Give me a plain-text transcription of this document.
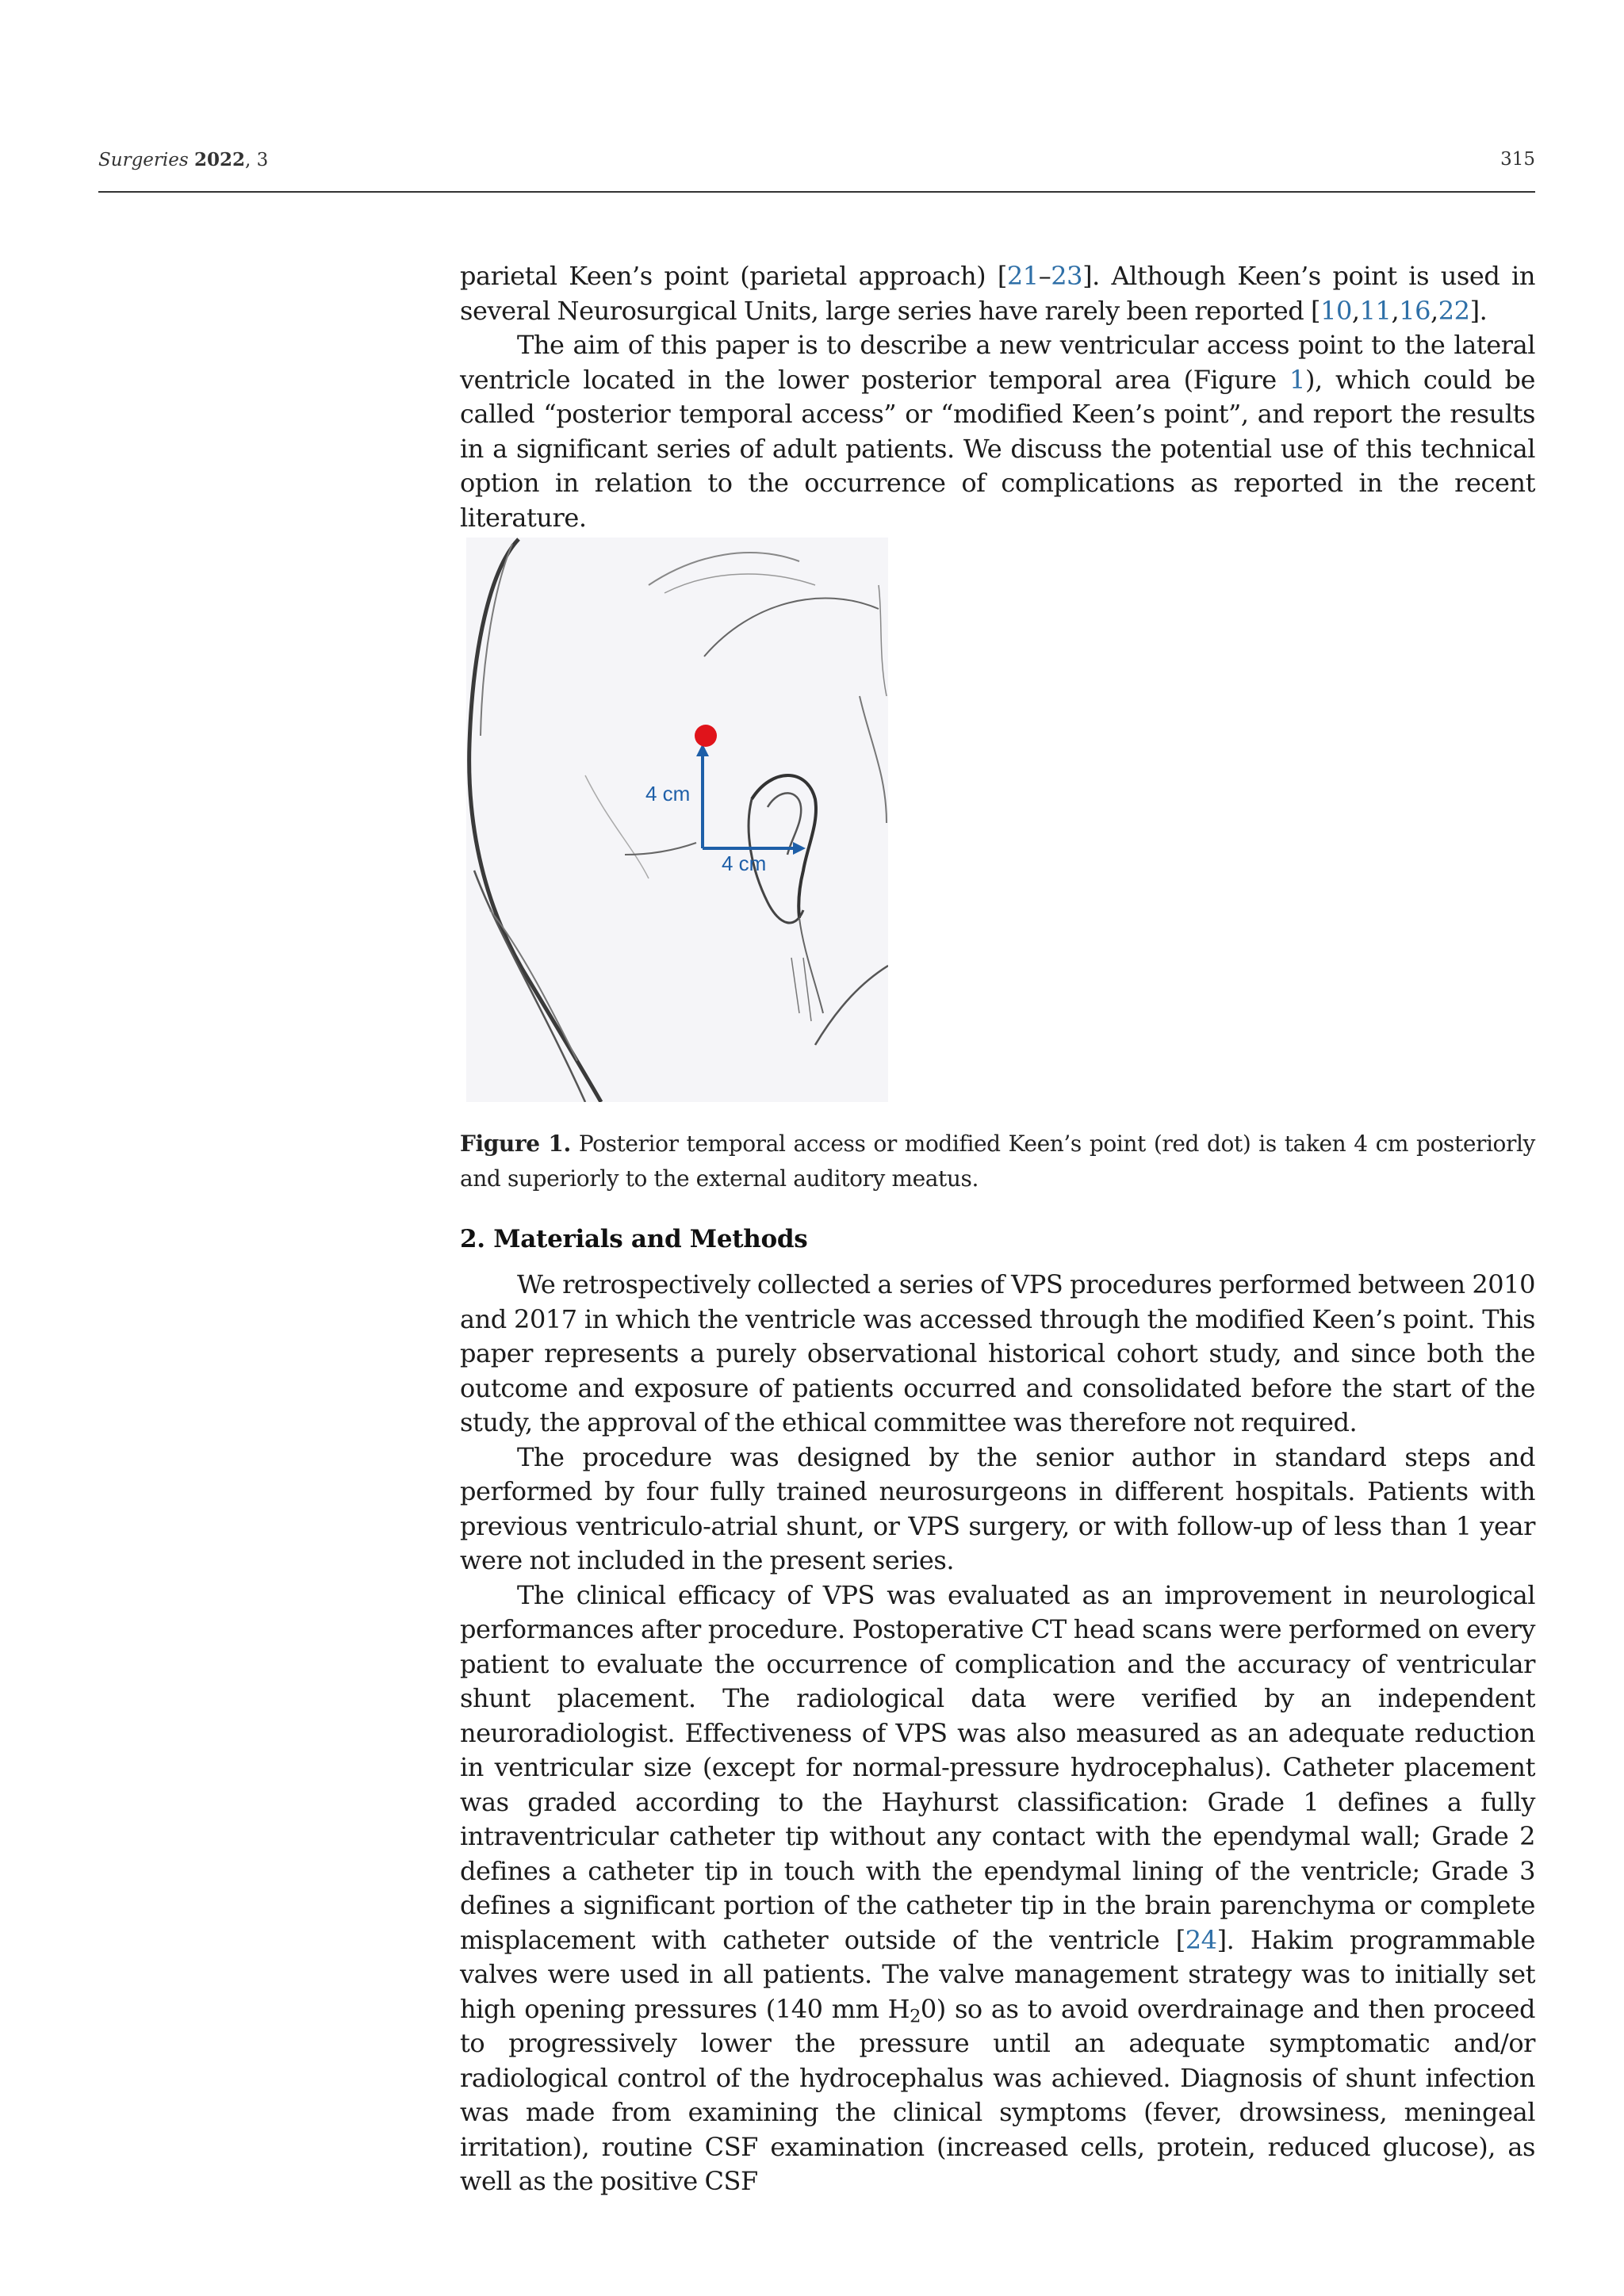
Surgeries 2022, 3	315

parietal Keen’s point (parietal approach) [21–23]. Although Keen’s point is used in several Neurosurgical Units, large series have rarely been reported [10,11,16,22].

The aim of this paper is to describe a new ventricular access point to the lateral ventricle located in the lower posterior temporal area (Figure 1), which could be called “posterior temporal access” or “modified Keen’s point”, and report the results in a significant series of adult patients. We discuss the potential use of this technical option in relation to the occurrence of complications as reported in the recent literature.

4 cm
4 cm
Figure 1. Posterior temporal access or modified Keen’s point (red dot) is taken 4 cm posteriorly and superiorly to the external auditory meatus.
2. Materials and Methods

We retrospectively collected a series of VPS procedures performed between 2010 and 2017 in which the ventricle was accessed through the modified Keen’s point. This paper represents a purely observational historical cohort study, and since both the outcome and exposure of patients occurred and consolidated before the start of the study, the approval of the ethical committee was therefore not required.

The procedure was designed by the senior author in standard steps and performed by four fully trained neurosurgeons in different hospitals. Patients with previous ventriculo-atrial shunt, or VPS surgery, or with follow-up of less than 1 year were not included in the present series.

The clinical efficacy of VPS was evaluated as an improvement in neurological performances after procedure. Postoperative CT head scans were performed on every patient to evaluate the occurrence of complication and the accuracy of ventricular shunt placement. The radiological data were verified by an independent neuroradiologist. Effectiveness of VPS was also measured as an adequate reduction in ventricular size (except for normal-pressure hydrocephalus). Catheter placement was graded according to the Hayhurst classification: Grade 1 defines a fully intraventricular catheter tip without any contact with the ependymal wall; Grade 2 defines a catheter tip in touch with the ependymal lining of the ventricle; Grade 3 defines a significant portion of the catheter tip in the brain parenchyma or complete misplacement with catheter outside of the ventricle [24]. Hakim programmable valves were used in all patients. The valve management strategy was to initially set high opening pressures (140 mm $H_20$) so as to avoid overdrainage and then proceed to progressively lower the pressure until an adequate symptomatic and/or radiological control of the hydrocephalus was achieved. Diagnosis of shunt infection was made from examining the clinical symptoms (fever, drowsiness, meningeal irritation), routine CSF examination (increased cells, protein, reduced glucose), as well as the positive CSF
